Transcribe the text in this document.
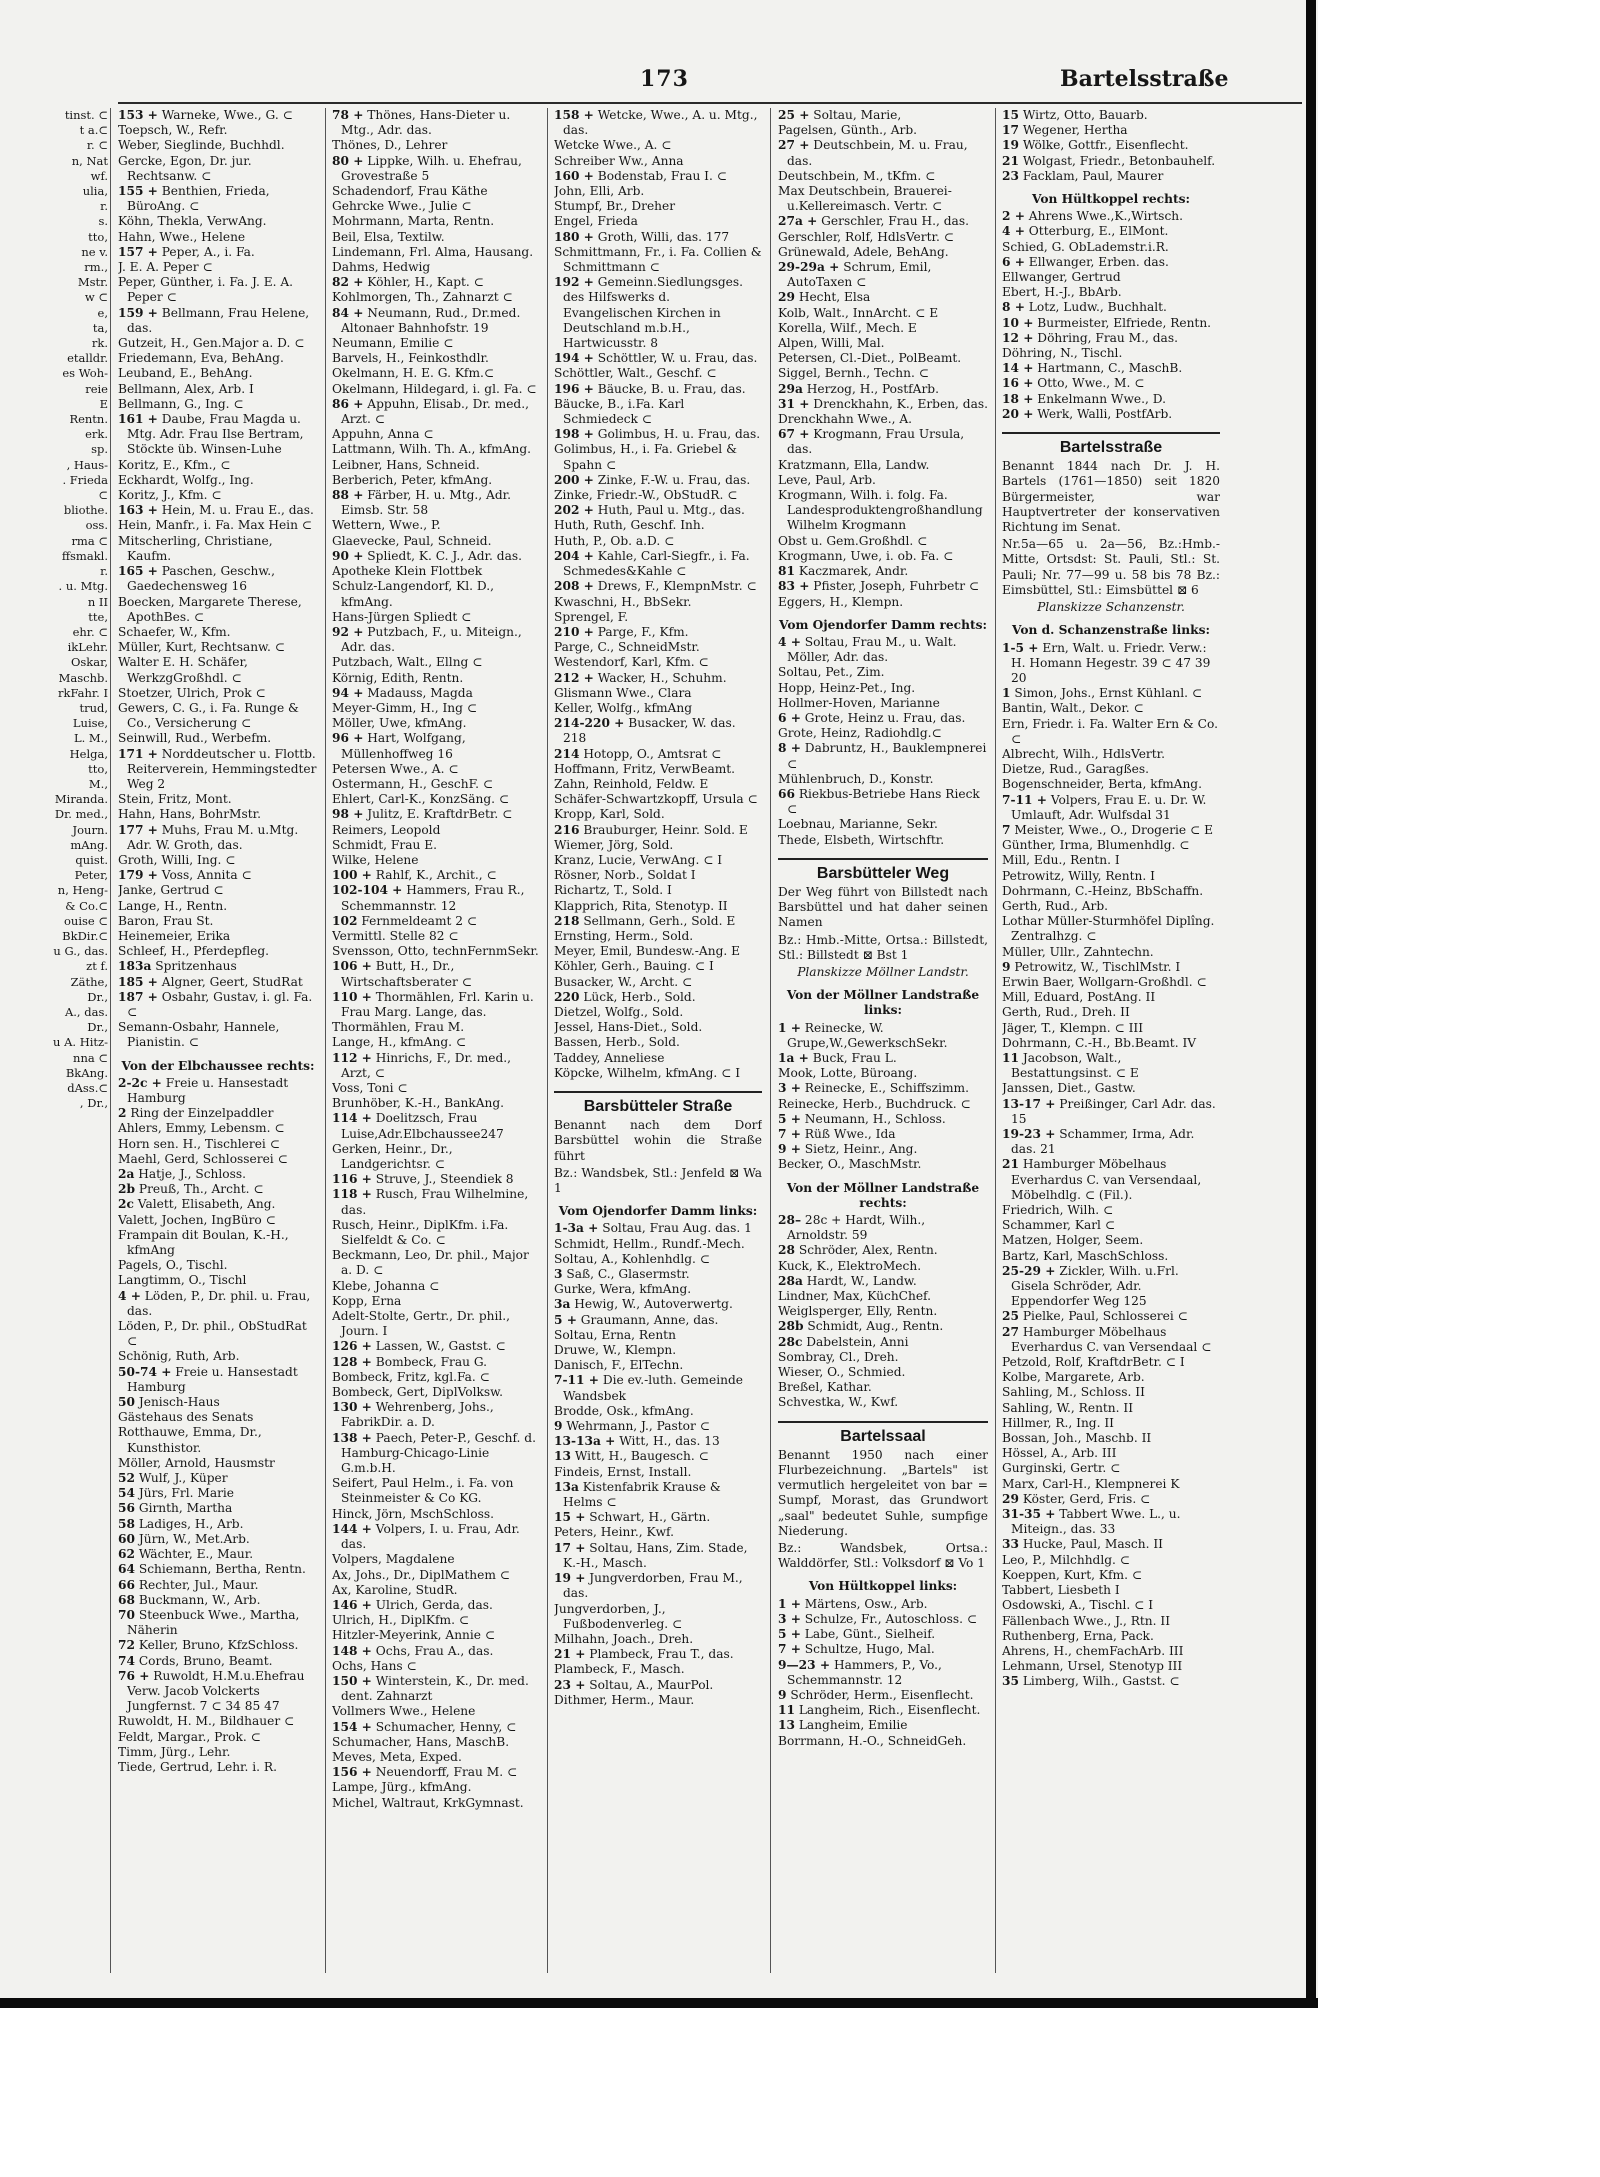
173	Bartelsstraße
tinst. ⊂
t a.⊂
r. ⊂
n, Nat
wf.
ulia,
r.
s.
tto,
ne v.
rm.,
Mstr.
w ⊂
e,
ta,
rk.
etalldr.
es Woh-
reie
E
Rentn.
erk.
sp.
, Haus-
. Frieda
⊂
bliothe.
oss.
rma ⊂
ffsmakl.
r.
. u. Mtg.
n II
tte,
ehr. ⊂
ikLehr.
Oskar,
Maschb.
rkFahr. I
trud,
Luise,
L. M.,
Helga,
tto,
M.,
Miranda.
Dr. med.,
Journ.
mAng.
quist.
Peter,
n, Heng-
& Co.⊂
ouise ⊂
BkDir.⊂
u G., das.
zt f.
Zäthe,
Dr.,
A., das.
Dr.,
u A. Hitz-
nna ⊂
BkAng.
dAss.⊂
, Dr.,
153 + Warneke, Wwe., G. ⊂
Toepsch, W., Refr.
Weber, Sieglinde, Buchhdl.
Gercke, Egon, Dr. jur. Rechtsanw. ⊂
155 + Benthien, Frieda, BüroAng. ⊂
Köhn, Thekla, VerwAng.
Hahn, Wwe., Helene
157 + Peper, A., i. Fa.
J. E. A. Peper ⊂
Peper, Günther, i. Fa. J. E. A. Peper ⊂
159 + Bellmann, Frau Helene, das.
Gutzeit, H., Gen.Major a. D. ⊂
Friedemann, Eva, BehAng.
Leuband, E., BehAng.
Bellmann, Alex, Arb. I
Bellmann, G., Ing. ⊂
161 + Daube, Frau Magda u. Mtg. Adr. Frau Ilse Bertram, Stöckte üb. Winsen-Luhe
Koritz, E., Kfm., ⊂
Eckhardt, Wolfg., Ing.
Koritz, J., Kfm. ⊂
163 + Hein, M. u. Frau E., das.
Hein, Manfr., i. Fa. Max Hein ⊂
Mitscherling, Christiane, Kaufm.
165 + Paschen, Geschw., Gaedechensweg 16
Boecken, Margarete Therese, ApothBes. ⊂
Schaefer, W., Kfm.
Müller, Kurt, Rechtsanw. ⊂
Walter E. H. Schäfer, WerkzgGroßhdl. ⊂
Stoetzer, Ulrich, Prok ⊂
Gewers, C. G., i. Fa. Runge & Co., Versicherung ⊂
Seinwill, Rud., Werbefm.
171 + Norddeutscher u. Flottb. Reiterverein, Hemmingstedter Weg 2
Stein, Fritz, Mont.
Hahn, Hans, BohrMstr.
177 + Muhs, Frau M. u.Mtg. Adr. W. Groth, das.
Groth, Willi, Ing. ⊂
179 + Voss, Annita ⊂
Janke, Gertrud ⊂
Lange, H., Rentn.
Baron, Frau St.
Heinemeier, Erika
Schleef, H., Pferdepfleg.
183a Spritzenhaus
185 + Algner, Geert, StudRat
187 + Osbahr, Gustav, i. gl. Fa. ⊂
Semann-Osbahr, Hannele, Pianistin. ⊂
Von der Elbchaussee rechts:
2-2c + Freie u. Hansestadt Hamburg
2 Ring der Einzelpaddler
Ahlers, Emmy, Lebensm. ⊂
Horn sen. H., Tischlerei ⊂
Maehl, Gerd, Schlosserei ⊂
2a Hatje, J., Schloss.
2b Preuß, Th., Archt. ⊂
2c Valett, Elisabeth, Ang.
Valett, Jochen, IngBüro ⊂
Frampain dit Boulan, K.-H., kfmAng
Pagels, O., Tischl.
Langtimm, O., Tischl
4 + Löden, P., Dr. phil. u. Frau, das.
Löden, P., Dr. phil., ObStudRat ⊂
Schönig, Ruth, Arb.
50-74 + Freie u. Hansestadt Hamburg
50 Jenisch-Haus
Gästehaus des Senats
Rotthauwe, Emma, Dr., Kunsthistor.
Möller, Arnold, Hausmstr
52 Wulf, J., Küper
54 Jürs, Frl. Marie
56 Girnth, Martha
58 Ladiges, H., Arb.
60 Jürn, W., Met.Arb.
62 Wächter, E., Maur.
64 Schiemann, Bertha, Rentn.
66 Rechter, Jul., Maur.
68 Buckmann, W., Arb.
70 Steenbuck Wwe., Martha, Näherin
72 Keller, Bruno, KfzSchloss.
74 Cords, Bruno, Beamt.
76 + Ruwoldt, H.M.u.Ehefrau Verw. Jacob Volckerts Jungfernst. 7 ⊂ 34 85 47
Ruwoldt, H. M., Bildhauer ⊂
Feldt, Margar., Prok. ⊂
Timm, Jürg., Lehr.
Tiede, Gertrud, Lehr. i. R.
78 + Thönes, Hans-Dieter u. Mtg., Adr. das.
Thönes, D., Lehrer
80 + Lippke, Wilh. u. Ehefrau, Grovestraße 5
Schadendorf, Frau Käthe
Gehrcke Wwe., Julie ⊂
Mohrmann, Marta, Rentn.
Beil, Elsa, Textilw.
Lindemann, Frl. Alma, Hausang.
Dahms, Hedwig
82 + Köhler, H., Kapt. ⊂
Kohlmorgen, Th., Zahnarzt ⊂
84 + Neumann, Rud., Dr.med. Altonaer Bahnhofstr. 19
Neumann, Emilie ⊂
Barvels, H., Feinkosthdlr.
Okelmann, H. E. G. Kfm.⊂
Okelmann, Hildegard, i. gl. Fa. ⊂
86 + Appuhn, Elisab., Dr. med., Arzt. ⊂
Appuhn, Anna ⊂
Lattmann, Wilh. Th. A., kfmAng.
Leibner, Hans, Schneid.
Berberich, Peter, kfmAng.
88 + Färber, H. u. Mtg., Adr. Eimsb. Str. 58
Wettern, Wwe., P.
Glaevecke, Paul, Schneid.
90 + Spliedt, K. C. J., Adr. das.
Apotheke Klein Flottbek
Schulz-Langendorf, Kl. D., kfmAng.
Hans-Jürgen Spliedt ⊂
92 + Putzbach, F., u. Miteign., Adr. das.
Putzbach, Walt., Ellng ⊂
Körnig, Edith, Rentn.
94 + Madauss, Magda
Meyer-Gimm, H., Ing ⊂
Möller, Uwe, kfmAng.
96 + Hart, Wolfgang, Müllenhoffweg 16
Petersen Wwe., A. ⊂
Ostermann, H., GeschF. ⊂
Ehlert, Carl-K., KonzSäng. ⊂
98 + Julitz, E. KraftdrBetr. ⊂
Reimers, Leopold
Schmidt, Frau E.
Wilke, Helene
100 + Rahlf, K., Archit., ⊂
102-104 + Hammers, Frau R., Schemmannstr. 12
102 Fernmeldeamt 2 ⊂
Vermittl. Stelle 82 ⊂
Svensson, Otto, technFernmSekr.
106 + Butt, H., Dr., Wirtschaftsberater ⊂
110 + Thormählen, Frl. Karin u. Frau Marg. Lange, das.
Thormählen, Frau M.
Lange, H., kfmAng. ⊂
112 + Hinrichs, F., Dr. med., Arzt, ⊂
Voss, Toni ⊂
Brunhöber, K.-H., BankAng.
114 + Doelitzsch, Frau Luise,Adr.Elbchaussee247
Gerken, Heinr., Dr., Landgerichtsr. ⊂
116 + Struve, J., Steendiek 8
118 + Rusch, Frau Wilhelmine, das.
Rusch, Heinr., DiplKfm. i.Fa. Sielfeldt & Co. ⊂
Beckmann, Leo, Dr. phil., Major a. D. ⊂
Klebe, Johanna ⊂
Kopp, Erna
Adelt-Stolte, Gertr., Dr. phil., Journ. I
126 + Lassen, W., Gastst. ⊂
128 + Bombeck, Frau G.
Bombeck, Fritz, kgl.Fa. ⊂
Bombeck, Gert, DiplVolksw.
130 + Wehrenberg, Johs., FabrikDir. a. D.
138 + Paech, Peter-P., Geschf. d. Hamburg-Chicago-Linie G.m.b.H.
Seifert, Paul Helm., i. Fa. von Steinmeister & Co KG.
Hinck, Jörn, MschSchloss.
144 + Volpers, I. u. Frau, Adr. das.
Volpers, Magdalene
Ax, Johs., Dr., DiplMathem ⊂
Ax, Karoline, StudR.
146 + Ulrich, Gerda, das.
Ulrich, H., DiplKfm. ⊂
Hitzler-Meyerink, Annie ⊂
148 + Ochs, Frau A., das.
Ochs, Hans ⊂
150 + Winterstein, K., Dr. med. dent. Zahnarzt
Vollmers Wwe., Helene
154 + Schumacher, Henny, ⊂
Schumacher, Hans, MaschB.
Meves, Meta, Exped.
156 + Neuendorff, Frau M. ⊂
Lampe, Jürg., kfmAng.
Michel, Waltraut, KrkGymnast.
158 + Wetcke, Wwe., A. u. Mtg., das.
Wetcke Wwe., A. ⊂
Schreiber Ww., Anna
160 + Bodenstab, Frau I. ⊂
John, Elli, Arb.
Stumpf, Br., Dreher
Engel, Frieda
180 + Groth, Willi, das. 177
Schmittmann, Fr., i. Fa. Collien & Schmittmann ⊂
192 + Gemeinn.Siedlungsges. des Hilfswerks d. Evangelischen Kirchen in Deutschland m.b.H., Hartwicusstr. 8
194 + Schöttler, W. u. Frau, das.
Schöttler, Walt., Geschf. ⊂
196 + Bäucke, B. u. Frau, das.
Bäucke, B., i.Fa. Karl Schmiedeck ⊂
198 + Golimbus, H. u. Frau, das.
Golimbus, H., i. Fa. Griebel & Spahn ⊂
200 + Zinke, F.-W. u. Frau, das.
Zinke, Friedr.-W., ObStudR. ⊂
202 + Huth, Paul u. Mtg., das.
Huth, Ruth, Geschf. Inh.
Huth, P., Ob. a.D. ⊂
204 + Kahle, Carl-Siegfr., i. Fa. Schmedes&Kahle ⊂
208 + Drews, F., KlempnMstr. ⊂
Kwaschni, H., BbSekr.
Sprengel, F.
210 + Parge, F., Kfm.
Parge, C., SchneidMstr.
Westendorf, Karl, Kfm. ⊂
212 + Wacker, H., Schuhm.
Glismann Wwe., Clara
Keller, Wolfg., kfmAng
214-220 + Busacker, W. das. 218
214 Hotopp, O., Amtsrat ⊂
Hoffmann, Fritz, VerwBeamt.
Zahn, Reinhold, Feldw. E
Schäfer-Schwartzkopff, Ursula ⊂
Kropp, Karl, Sold.
216 Brauburger, Heinr. Sold. E
Wiemer, Jörg, Sold.
Kranz, Lucie, VerwAng. ⊂ I
Rösner, Norb., Soldat I
Richartz, T., Sold. I
Klapprich, Rita, Stenotyp. II
218 Sellmann, Gerh., Sold. E
Ernsting, Herm., Sold.
Meyer, Emil, Bundesw.-Ang. E
Köhler, Gerh., Bauing. ⊂ I
Busacker, W., Archt. ⊂
220 Lück, Herb., Sold.
Dietzel, Wolfg., Sold.
Jessel, Hans-Diet., Sold.
Bassen, Herb., Sold.
Taddey, Anneliese
Köpcke, Wilhelm, kfmAng. ⊂ I
Barsbütteler Straße
Benannt nach dem Dorf Barsbüttel wohin die Straße führt
Bz.: Wandsbek, Stl.: Jenfeld ⊠ Wa 1
Vom Ojendorfer Damm links:
1-3a + Soltau, Frau Aug. das. 1
Schmidt, Hellm., Rundf.-Mech.
Soltau, A., Kohlenhdlg. ⊂
3 Saß, C., Glasermstr.
Gurke, Wera, kfmAng.
3a Hewig, W., Autoverwertg.
5 + Graumann, Anne, das.
Soltau, Erna, Rentn
Druwe, W., Klempn.
Danisch, F., ElTechn.
7-11 + Die ev.-luth. Gemeinde Wandsbek
Brodde, Osk., kfmAng.
9 Wehrmann, J., Pastor ⊂
13-13a + Witt, H., das. 13
13 Witt, H., Baugesch. ⊂
Findeis, Ernst, Install.
13a Kistenfabrik Krause & Helms ⊂
15 + Schwart, H., Gärtn.
Peters, Heinr., Kwf.
17 + Soltau, Hans, Zim. Stade, K.-H., Masch.
19 + Jungverdorben, Frau M., das.
Jungverdorben, J., Fußbodenverleg. ⊂
Milhahn, Joach., Dreh.
21 + Plambeck, Frau T., das.
Plambeck, F., Masch.
23 + Soltau, A., MaurPol.
Dithmer, Herm., Maur.
25 + Soltau, Marie,
Pagelsen, Günth., Arb.
27 + Deutschbein, M. u. Frau, das.
Deutschbein, M., tKfm. ⊂
Max Deutschbein, Brauerei-u.Kellereimasch. Vertr. ⊂
27a + Gerschler, Frau H., das.
Gerschler, Rolf, HdlsVertr. ⊂
Grünewald, Adele, BehAng.
29-29a + Schrum, Emil, AutoTaxen ⊂
29 Hecht, Elsa
Kolb, Walt., InnArcht. ⊂ E
Korella, Wilf., Mech. E
Alpen, Willi, Mal.
Petersen, Cl.-Diet., PolBeamt.
Siggel, Bernh., Techn. ⊂
29a Herzog, H., PostfArb.
31 + Drenckhahn, K., Erben, das.
Drenckhahn Wwe., A.
67 + Krogmann, Frau Ursula, das.
Kratzmann, Ella, Landw.
Leve, Paul, Arb.
Krogmann, Wilh. i. folg. Fa. Landesproduktengroßhandlung Wilhelm Krogmann
Obst u. Gem.Großhdl. ⊂
Krogmann, Uwe, i. ob. Fa. ⊂
81 Kaczmarek, Andr.
83 + Pfister, Joseph, Fuhrbetr ⊂
Eggers, H., Klempn.
Vom Ojendorfer Damm rechts:
4 + Soltau, Frau M., u. Walt. Möller, Adr. das.
Soltau, Pet., Zim.
Hopp, Heinz-Pet., Ing.
Hollmer-Hoven, Marianne
6 + Grote, Heinz u. Frau, das.
Grote, Heinz, Radiohdlg.⊂
8 + Dabruntz, H., Bauklempnerei ⊂
Mühlenbruch, D., Konstr.
66 Riekbus-Betriebe Hans Rieck ⊂
Loebnau, Marianne, Sekr.
Thede, Elsbeth, Wirtschftr.
Barsbütteler Weg
Der Weg führt von Billstedt nach Barsbüttel und hat daher seinen Namen
Bz.: Hmb.-Mitte, Ortsa.: Billstedt, Stl.: Billstedt ⊠ Bst 1
Planskizze Möllner Landstr.
Von der Möllner Landstraße links:
1 + Reinecke, W. Grupe,W.,GewerkschSekr.
1a + Buck, Frau L.
Mook, Lotte, Büroang.
3 + Reinecke, E., Schiffszimm.
Reinecke, Herb., Buchdruck. ⊂
5 + Neumann, H., Schloss.
7 + Rüß Wwe., Ida
9 + Sietz, Heinr., Ang.
Becker, O., MaschMstr.
Von der Möllner Landstraße rechts:
28– 28c + Hardt, Wilh., Arnoldstr. 59
28 Schröder, Alex, Rentn.
Kuck, K., ElektroMech.
28a Hardt, W., Landw.
Lindner, Max, KüchChef.
Weiglsperger, Elly, Rentn.
28b Schmidt, Aug., Rentn.
28c Dabelstein, Anni
Sombray, Cl., Dreh.
Wieser, O., Schmied.
Breßel, Kathar.
Schvestka, W., Kwf.
Bartelssaal
Benannt 1950 nach einer Flurbezeichnung. „Bartels" ist vermutlich hergeleitet von bar = Sumpf, Morast, das Grundwort „saal" bedeutet Suhle, sumpfige Niederung.
Bz.: Wandsbek, Ortsa.: Walddörfer, Stl.: Volksdorf ⊠ Vo 1
Von Hültkoppel links:
1 + Märtens, Osw., Arb.
3 + Schulze, Fr., Autoschloss. ⊂
5 + Labe, Günt., Sielheif.
7 + Schultze, Hugo, Mal.
9—23 + Hammers, P., Vo., Schemmannstr. 12
9 Schröder, Herm., Eisenflecht.
11 Langheim, Rich., Eisenflecht.
13 Langheim, Emilie
Borrmann, H.-O., SchneidGeh.
15 Wirtz, Otto, Bauarb.
17 Wegener, Hertha
19 Wölke, Gottfr., Eisenflecht.
21 Wolgast, Friedr., Betonbauhelf.
23 Facklam, Paul, Maurer
Von Hültkoppel rechts:
2 + Ahrens Wwe.,K.,Wirtsch.
4 + Otterburg, E., ElMont.
Schied, G. ObLademstr.i.R.
6 + Ellwanger, Erben. das.
Ellwanger, Gertrud
Ebert, H.-J., BbArb.
8 + Lotz, Ludw., Buchhalt.
10 + Burmeister, Elfriede, Rentn.
12 + Döhring, Frau M., das.
Döhring, N., Tischl.
14 + Hartmann, C., MaschB.
16 + Otto, Wwe., M. ⊂
18 + Enkelmann Wwe., D.
20 + Werk, Walli, PostfArb.
Bartelsstraße
Benannt 1844 nach Dr. J. H. Bartels (1761—1850) seit 1820 Bürgermeister, war Hauptvertreter der konservativen Richtung im Senat.
Nr.5a—65 u. 2a—56, Bz.:Hmb.-Mitte, Ortsdst: St. Pauli, Stl.: St. Pauli; Nr. 77—99 u. 58 bis 78 Bz.: Eimsbüttel, Stl.: Eimsbüttel ⊠ 6
Planskizze Schanzenstr.
Von d. Schanzenstraße links:
1-5 + Ern, Walt. u. Friedr. Verw.: H. Homann Hegestr. 39 ⊂ 47 39 20
1 Simon, Johs., Ernst Kühlanl. ⊂
Bantin, Walt., Dekor. ⊂
Ern, Friedr. i. Fa. Walter Ern & Co. ⊂
Albrecht, Wilh., HdlsVertr.
Dietze, Rud., Garagßes.
Bogenschneider, Berta, kfmAng.
7-11 + Volpers, Frau E. u. Dr. W. Umlauft, Adr. Wulfsdal 31
7 Meister, Wwe., O., Drogerie ⊂ E
Günther, Irma, Blumenhdlg. ⊂
Mill, Edu., Rentn. I
Petrowitz, Willy, Rentn. I
Dohrmann, C.-Heinz, BbSchaffn.
Gerth, Rud., Arb.
Lothar Müller-Sturmhöfel Diplîng. Zentralhzg. ⊂
Müller, Ullr., Zahntechn.
9 Petrowitz, W., TischlMstr. I
Erwin Baer, Wollgarn-Großhdl. ⊂
Mill, Eduard, PostAng. II
Gerth, Rud., Dreh. II
Jäger, T., Klempn. ⊂ III
Dohrmann, C.-H., Bb.Beamt. IV
11 Jacobson, Walt., Bestattungsinst. ⊂ E
Janssen, Diet., Gastw.
13-17 + Preißinger, Carl Adr. das. 15
19-23 + Schammer, Irma, Adr. das. 21
21 Hamburger Möbelhaus Everhardus C. van Versendaal, Möbelhdlg. ⊂ (Fil.).
Friedrich, Wilh. ⊂
Schammer, Karl ⊂
Matzen, Holger, Seem.
Bartz, Karl, MaschSchloss.
25-29 + Zickler, Wilh. u.Frl. Gisela Schröder, Adr. Eppendorfer Weg 125
25 Pielke, Paul, Schlosserei ⊂
27 Hamburger Möbelhaus Everhardus C. van Versendaal ⊂
Petzold, Rolf, KraftdrBetr. ⊂ I
Kolbe, Margarete, Arb.
Sahling, M., Schloss. II
Sahling, W., Rentn. II
Hillmer, R., Ing. II
Bossan, Joh., Maschb. II
Hössel, A., Arb. III
Gurginski, Gertr. ⊂
Marx, Carl-H., Klempnerei K
29 Köster, Gerd, Fris. ⊂
31-35 + Tabbert Wwe. L., u. Miteign., das. 33
33 Hucke, Paul, Masch. II
Leo, P., Milchhdlg. ⊂
Koeppen, Kurt, Kfm. ⊂
Tabbert, Liesbeth I
Osdowski, A., Tischl. ⊂ I
Fällenbach Wwe., J., Rtn. II
Ruthenberg, Erna, Pack.
Ahrens, H., chemFachArb. III
Lehmann, Ursel, Stenotyp III
35 Limberg, Wilh., Gastst. ⊂
